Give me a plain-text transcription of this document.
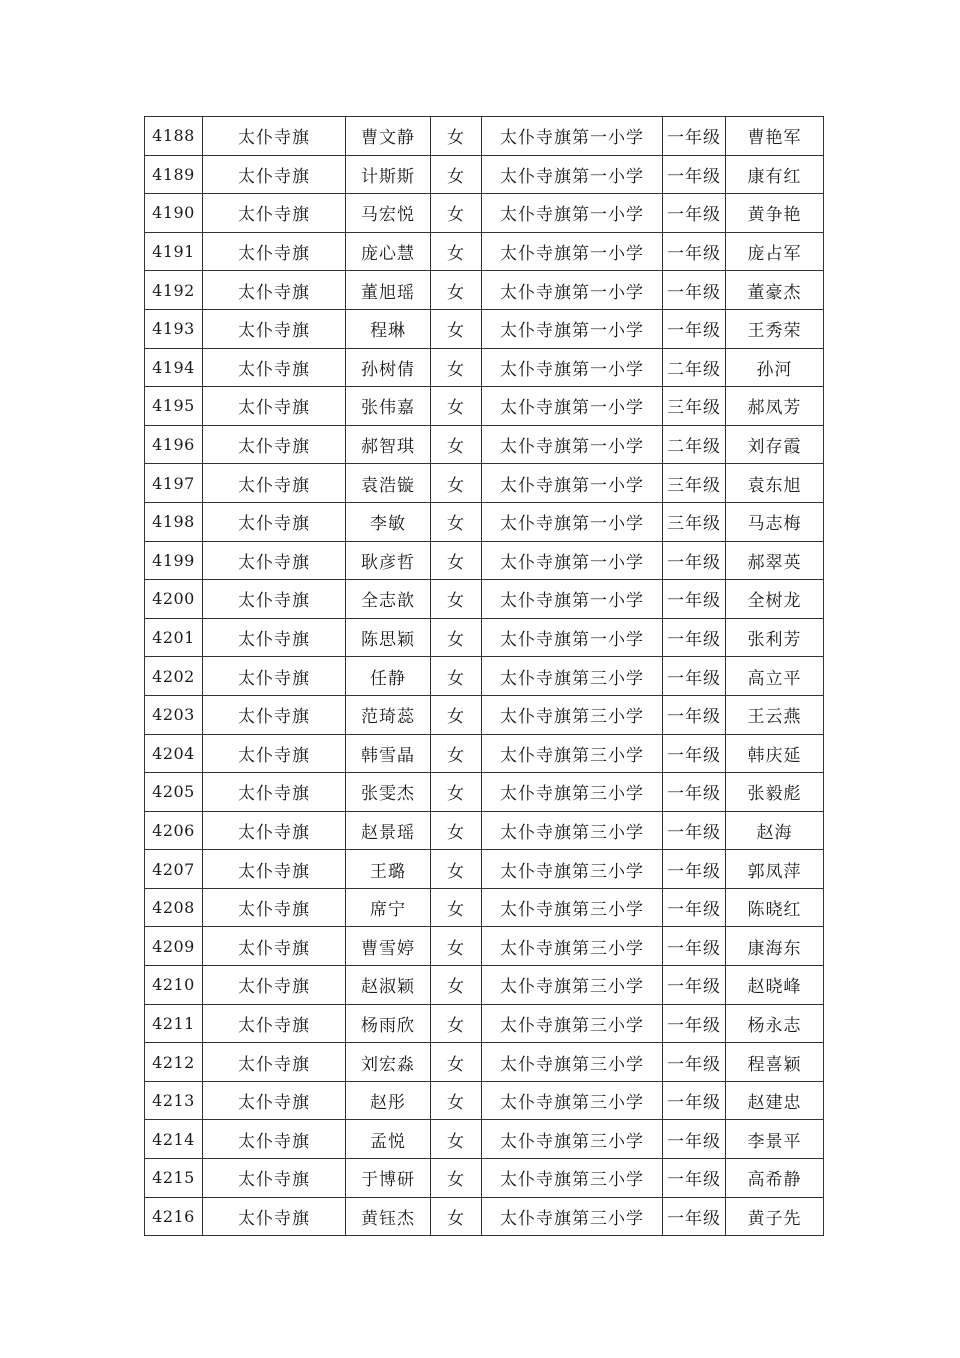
4188	太仆寺旗	曹文静	女	太仆寺旗第一小学	一年级	曹艳军
4189	太仆寺旗	计斯斯	女	太仆寺旗第一小学	一年级	康有红
4190	太仆寺旗	马宏悦	女	太仆寺旗第一小学	一年级	黄争艳
4191	太仆寺旗	庞心慧	女	太仆寺旗第一小学	一年级	庞占军
4192	太仆寺旗	董旭瑶	女	太仆寺旗第一小学	一年级	董豪杰
4193	太仆寺旗	程琳	女	太仆寺旗第一小学	一年级	王秀荣
4194	太仆寺旗	孙树倩	女	太仆寺旗第一小学	二年级	孙河
4195	太仆寺旗	张伟嘉	女	太仆寺旗第一小学	三年级	郝凤芳
4196	太仆寺旗	郝智琪	女	太仆寺旗第一小学	二年级	刘存霞
4197	太仆寺旗	袁浩镟	女	太仆寺旗第一小学	三年级	袁东旭
4198	太仆寺旗	李敏	女	太仆寺旗第一小学	三年级	马志梅
4199	太仆寺旗	耿彦哲	女	太仆寺旗第一小学	一年级	郝翠英
4200	太仆寺旗	全志歆	女	太仆寺旗第一小学	一年级	全树龙
4201	太仆寺旗	陈思颖	女	太仆寺旗第一小学	一年级	张利芳
4202	太仆寺旗	任静	女	太仆寺旗第三小学	一年级	高立平
4203	太仆寺旗	范琦蕊	女	太仆寺旗第三小学	一年级	王云燕
4204	太仆寺旗	韩雪晶	女	太仆寺旗第三小学	一年级	韩庆延
4205	太仆寺旗	张雯杰	女	太仆寺旗第三小学	一年级	张毅彪
4206	太仆寺旗	赵景瑶	女	太仆寺旗第三小学	一年级	赵海
4207	太仆寺旗	王璐	女	太仆寺旗第三小学	一年级	郭凤萍
4208	太仆寺旗	席宁	女	太仆寺旗第三小学	一年级	陈晓红
4209	太仆寺旗	曹雪婷	女	太仆寺旗第三小学	一年级	康海东
4210	太仆寺旗	赵淑颖	女	太仆寺旗第三小学	一年级	赵晓峰
4211	太仆寺旗	杨雨欣	女	太仆寺旗第三小学	一年级	杨永志
4212	太仆寺旗	刘宏淼	女	太仆寺旗第三小学	一年级	程喜颖
4213	太仆寺旗	赵彤	女	太仆寺旗第三小学	一年级	赵建忠
4214	太仆寺旗	孟悦	女	太仆寺旗第三小学	一年级	李景平
4215	太仆寺旗	于博研	女	太仆寺旗第三小学	一年级	高希静
4216	太仆寺旗	黄钰杰	女	太仆寺旗第三小学	一年级	黄子先
